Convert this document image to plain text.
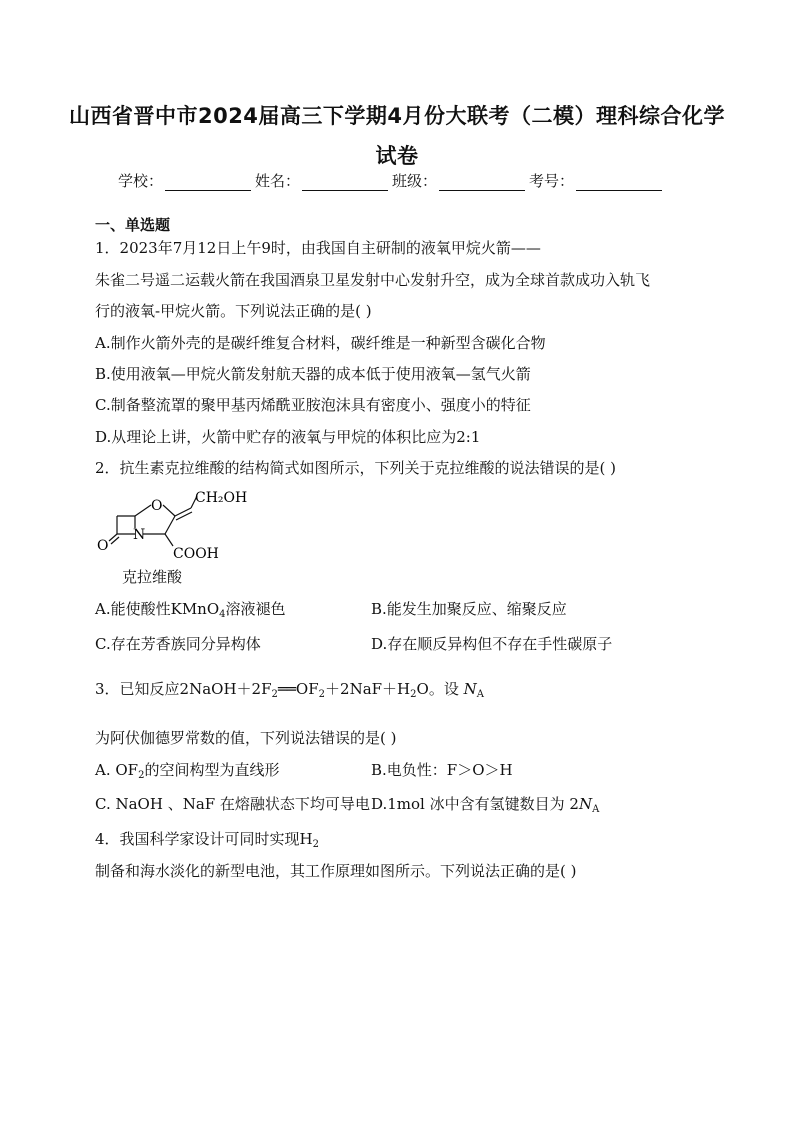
山西省晋中市2024届高三下学期4月份大联考（二模）理科综合化学
试卷
学校：	姓名：	班级：	考号：
一、单选题
1．2023年7月12日上午9时，由我国自主研制的液氧甲烷火箭——
朱雀二号遥二运载火箭在我国酒泉卫星发射中心发射升空，成为全球首款成功入轨飞
行的液氧-甲烷火箭。下列说法正确的是( )
A.制作火箭外壳的是碳纤维复合材料，碳纤维是一种新型含碳化合物
B.使用液氧—甲烷火箭发射航天器的成本低于使用液氧—氢气火箭
C.制备整流罩的聚甲基丙烯酰亚胺泡沫具有密度小、强度小的特征
D.从理论上讲，火箭中贮存的液氧与甲烷的体积比应为2:1
2．抗生素克拉维酸的结构简式如图所示，下列关于克拉维酸的说法错误的是( )
O
N
O
CH₂OH
COOH
克拉维酸
A.能使酸性KMnO$_4$溶液褪色	B.能发生加聚反应、缩聚反应
C.存在芳香族同分异构体	D.存在顺反异构但不存在手性碳原子
3．已知反应$2NaOH+2F_2══OF_2+2NaF+H_2O$。设 $N_A$
为阿伏伽德罗常数的值，下列说法错误的是( )
A. $OF_2$的空间构型为直线形	B.电负性：F＞O＞H
C. NaOH 、NaF 在熔融状态下均可导电 D.1mol 冰中含有氢键数目为 $2N_A$
4．我国科学家设计可同时实现$H_2$
制备和海水淡化的新型电池，其工作原理如图所示。下列说法正确的是( )
